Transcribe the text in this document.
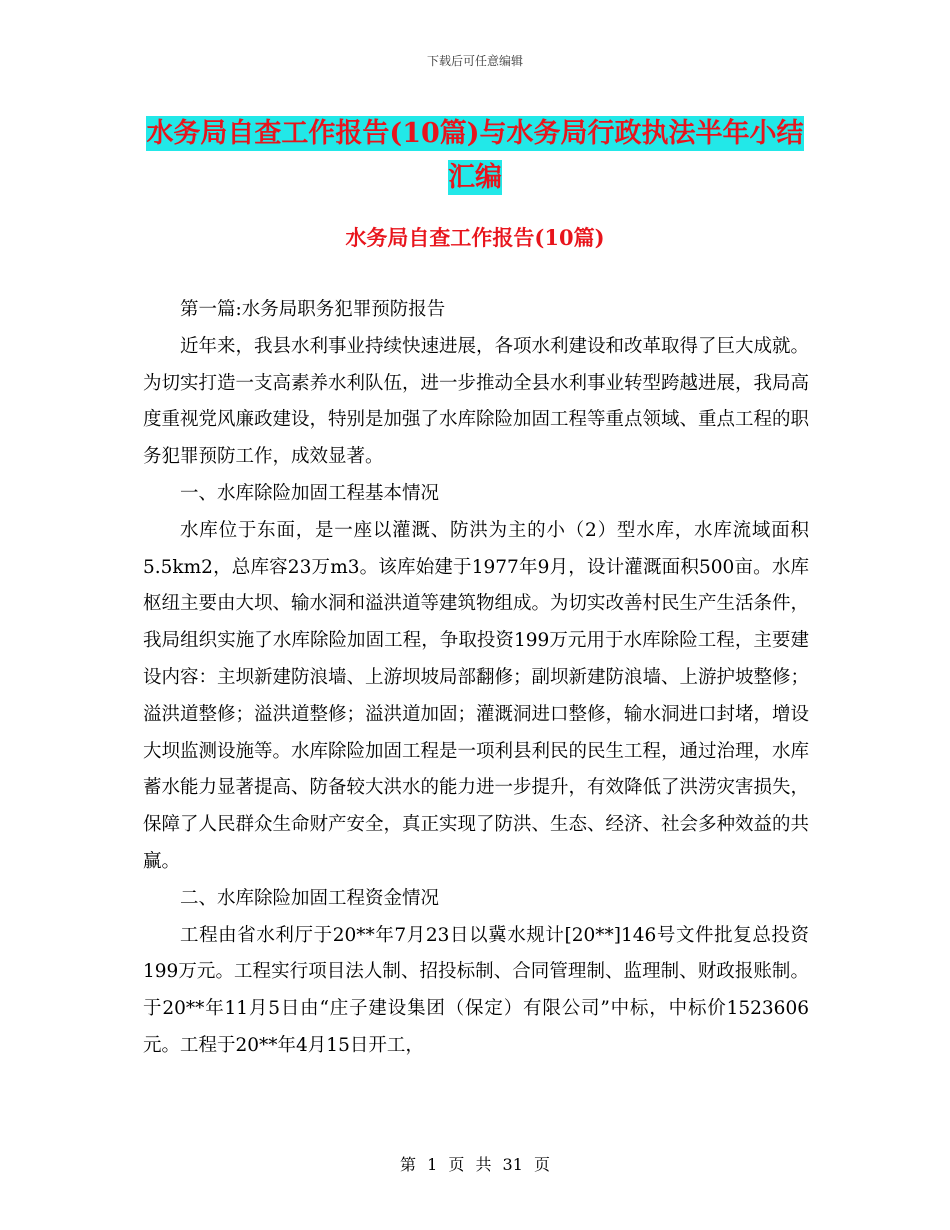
下载后可任意编辑
水务局自查工作报告(10篇)与水务局行政执法半年小结汇编
水务局自查工作报告(10篇)

第一篇:水务局职务犯罪预防报告

近年来，我县水利事业持续快速进展，各项水利建设和改革取得了巨大成就。为切实打造一支高素养水利队伍，进一步推动全县水利事业转型跨越进展，我局高度重视党风廉政建设，特别是加强了水库除险加固工程等重点领域、重点工程的职务犯罪预防工作，成效显著。

一、水库除险加固工程基本情况

水库位于东面，是一座以灌溉、防洪为主的小（2）型水库，水库流域面积5.5km2，总库容23万m3。该库始建于1977年9月，设计灌溉面积500亩。水库枢纽主要由大坝、输水洞和溢洪道等建筑物组成。为切实改善村民生产生活条件，我局组织实施了水库除险加固工程，争取投资199万元用于水库除险工程，主要建设内容：主坝新建防浪墙、上游坝坡局部翻修；副坝新建防浪墙、上游护坡整修；溢洪道整修；溢洪道整修；溢洪道加固；灌溉洞进口整修，输水洞进口封堵，增设大坝监测设施等。水库除险加固工程是一项利县利民的民生工程，通过治理，水库蓄水能力显著提高、防备较大洪水的能力进一步提升，有效降低了洪涝灾害损失，保障了人民群众生命财产安全，真正实现了防洪、生态、经济、社会多种效益的共赢。

二、水库除险加固工程资金情况

工程由省水利厅于20**年7月23日以冀水规计[20**]146号文件批复总投资199万元。工程实行项目法人制、招投标制、合同管理制、监理制、财政报账制。于20**年11月5日由“庄子建设集团（保定）有限公司”中标，中标价1523606元。工程于20**年4月15日开工，

第 1 页 共 31 页
